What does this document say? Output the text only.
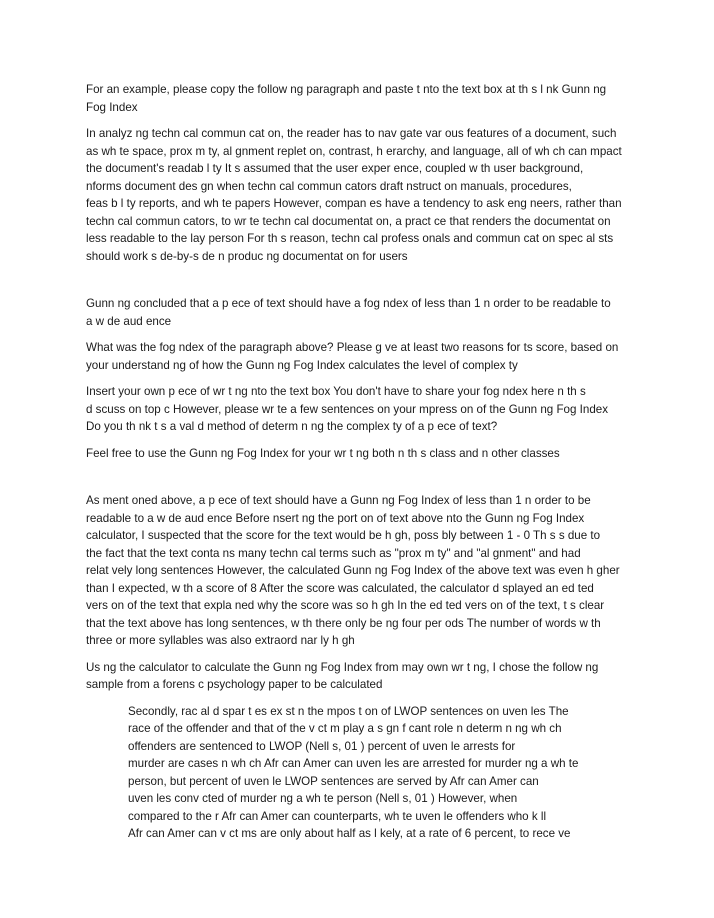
For an example, please copy the follow ng paragraph and paste t nto the text box at th s l nk Gunn ng
Fog Index

In analyz ng techn cal commun cat on, the reader has to nav gate var ous features of a document, such
as wh te space, prox m ty, al gnment replet on, contrast, h erarchy, and language, all of wh ch can mpact
the document's readab l ty It s assumed that the user exper ence, coupled w th user background,
nforms document des gn when techn cal commun cators draft nstruct on manuals, procedures,
feas b l ty reports, and wh te papers However, compan es have a tendency to ask eng neers, rather than
techn cal commun cators, to wr te techn cal documentat on, a pract ce that renders the documentat on
less readable to the lay person For th s reason, techn cal profess onals and commun cat on spec al sts
should work s de-by-s de n produc ng documentat on for users

Gunn ng concluded that a p ece of text should have a fog ndex of less than 1 n order to be readable to
a w de aud ence

What was the fog ndex of the paragraph above? Please g ve at least two reasons for ts score, based on
your understand ng of how the Gunn ng Fog Index calculates the level of complex ty

Insert your own p ece of wr t ng nto the text box You don't have to share your fog ndex here n th s
d scuss on top c However, please wr te a few sentences on your mpress on of the Gunn ng Fog Index
Do you th nk t s a val d method of determ n ng the complex ty of a p ece of text?

Feel free to use the Gunn ng Fog Index for your wr t ng both n th s class and n other classes

As ment oned above, a p ece of text should have a Gunn ng Fog Index of less than 1 n order to be
readable to a w de aud ence Before nsert ng the port on of text above nto the Gunn ng Fog Index
calculator, I suspected that the score for the text would be h gh, poss bly between 1 - 0 Th s s due to
the fact that the text conta ns many techn cal terms such as "prox m ty" and "al gnment" and had
relat vely long sentences However, the calculated Gunn ng Fog Index of the above text was even h gher
than I expected, w th a score of 8 After the score was calculated, the calculator d splayed an ed ted
vers on of the text that expla ned why the score was so h gh In the ed ted vers on of the text, t s clear
that the text above has long sentences, w th there only be ng four per ods The number of words w th
three or more syllables was also extraord nar ly h gh

Us ng the calculator to calculate the Gunn ng Fog Index from may own wr t ng, I chose the follow ng
sample from a forens c psychology paper to be calculated

Secondly, rac al d spar t es ex st n the mpos t on of LWOP sentences on uven les The
race of the offender and that of the v ct m play a s gn f cant role n determ n ng wh ch
offenders are sentenced to LWOP (Nell s, 01 ) percent of uven le arrests for
murder are cases n wh ch Afr can Amer can uven les are arrested for murder ng a wh te
person, but percent of uven le LWOP sentences are served by Afr can Amer can
uven les conv cted of murder ng a wh te person (Nell s, 01 ) However, when
compared to the r Afr can Amer can counterparts, wh te uven le offenders who k ll
Afr can Amer can v ct ms are only about half as l kely, at a rate of 6 percent, to rece ve
